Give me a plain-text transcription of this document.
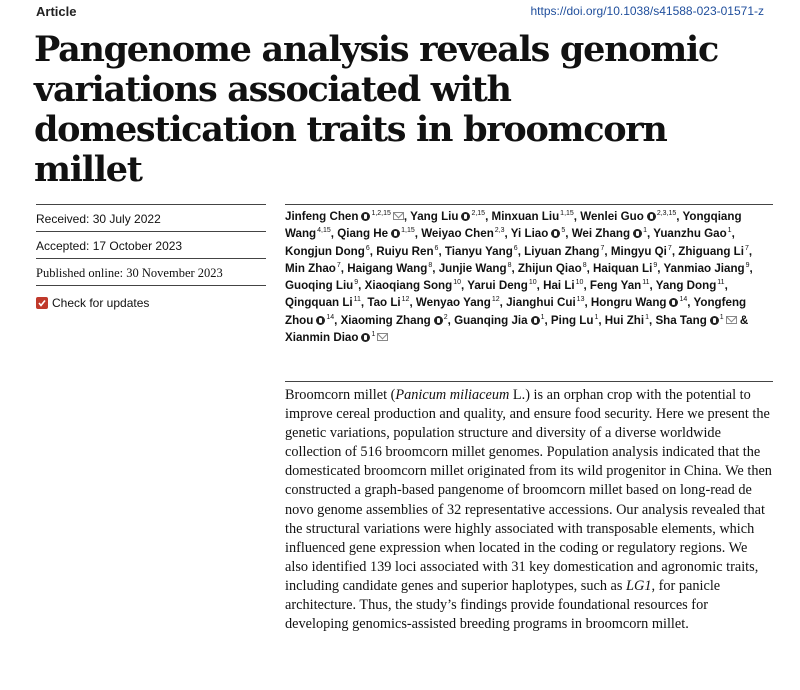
Article	https://doi.org/10.1038/s41588-023-01571-z
Pangenome analysis reveals genomic variations associated with domestication traits in broomcorn millet
Received: 30 July 2022
Accepted: 17 October 2023
Published online: 30 November 2023
Check for updates
Jinfeng Chen $^{1,2,15}$ , Yang Liu $^{2,15}$, Minxuan Liu$^{1,15}$, Wenlei Guo $^{2,3,15}$, Yongqiang Wang$^{4,15}$, Qiang He $^{1,15}$, Weiyao Chen$^{2,3}$, Yi Liao $^5$, Wei Zhang $^1$, Yuanzhu Gao$^1$, Kongjun Dong$^6$, Ruiyu Ren$^6$, Tianyu Yang$^6$, Liyuan Zhang$^7$, Mingyu Qi$^7$, Zhiguang Li$^7$, Min Zhao$^7$, Haigang Wang$^8$, Junjie Wang$^8$, Zhijun Qiao$^8$, Haiquan Li$^9$, Yanmiao Jiang$^9$, Guoqing Liu$^9$, Xiaoqiang Song$^{10}$, Yarui Deng$^{10}$, Hai Li$^{10}$, Feng Yan$^{11}$, Yang Dong$^{11}$, Qingquan Li$^{11}$, Tao Li$^{12}$, Wenyao Yang$^{12}$, Jianghui Cui$^{13}$, Hongru Wang $^{14}$, Yongfeng Zhou $^{14}$, Xiaoming Zhang $^2$, Guanqing Jia $^1$, Ping Lu$^1$, Hui Zhi$^1$, Sha Tang $^1$ & Xianmin Diao $^1$

Broomcorn millet (Panicum miliaceum L.) is an orphan crop with the potential to improve cereal production and quality, and ensure food security. Here we present the genetic variations, population structure and diversity of a diverse worldwide collection of 516 broomcorn millet genomes. Population analysis indicated that the domesticated broomcorn millet originated from its wild progenitor in China. We then constructed a graph-based pangenome of broomcorn millet based on long-read de novo genome assemblies of 32 representative accessions. Our analysis revealed that the structural variations were highly associated with transposable elements, which influenced gene expression when located in the coding or regulatory regions. We also identified 139 loci associated with 31 key domestication and agronomic traits, including candidate genes and superior haplotypes, such as LG1, for panicle architecture. Thus, the study’s findings provide foundational resources for developing genomics-assisted breeding programs in broomcorn millet.
